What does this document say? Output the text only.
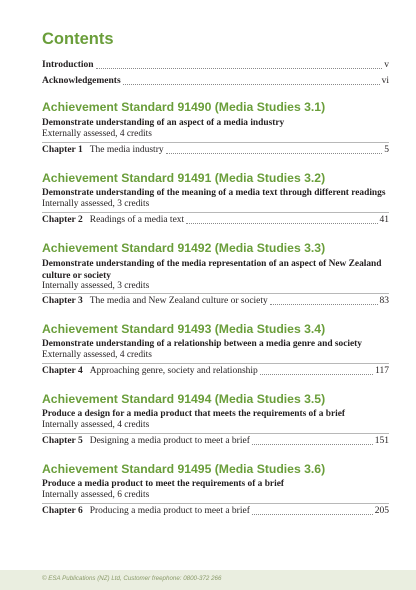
Contents
Introduction	v
Acknowledgements	vi
Achievement Standard 91490 (Media Studies 3.1)

Demonstrate understanding of an aspect of a media industry

Externally assessed, 4 credits

Chapter 1 The media industry	5
Achievement Standard 91491 (Media Studies 3.2)

Demonstrate understanding of the meaning of a media text through different readings

Internally assessed, 3 credits

Chapter 2 Readings of a media text	41
Achievement Standard 91492 (Media Studies 3.3)

Demonstrate understanding of the media representation of an aspect of New Zealand
culture or society

Internally assessed, 3 credits

Chapter 3 The media and New Zealand culture or society	83
Achievement Standard 91493 (Media Studies 3.4)

Demonstrate understanding of a relationship between a media genre and society

Externally assessed, 4 credits

Chapter 4 Approaching genre, society and relationship	117
Achievement Standard 91494 (Media Studies 3.5)

Produce a design for a media product that meets the requirements of a brief

Internally assessed, 4 credits

Chapter 5 Designing a media product to meet a brief	151
Achievement Standard 91495 (Media Studies 3.6)

Produce a media product to meet the requirements of a brief

Internally assessed, 6 credits

Chapter 6 Producing a media product to meet a brief	205
© ESA Publications (NZ) Ltd, Customer freephone: 0800-372 266
